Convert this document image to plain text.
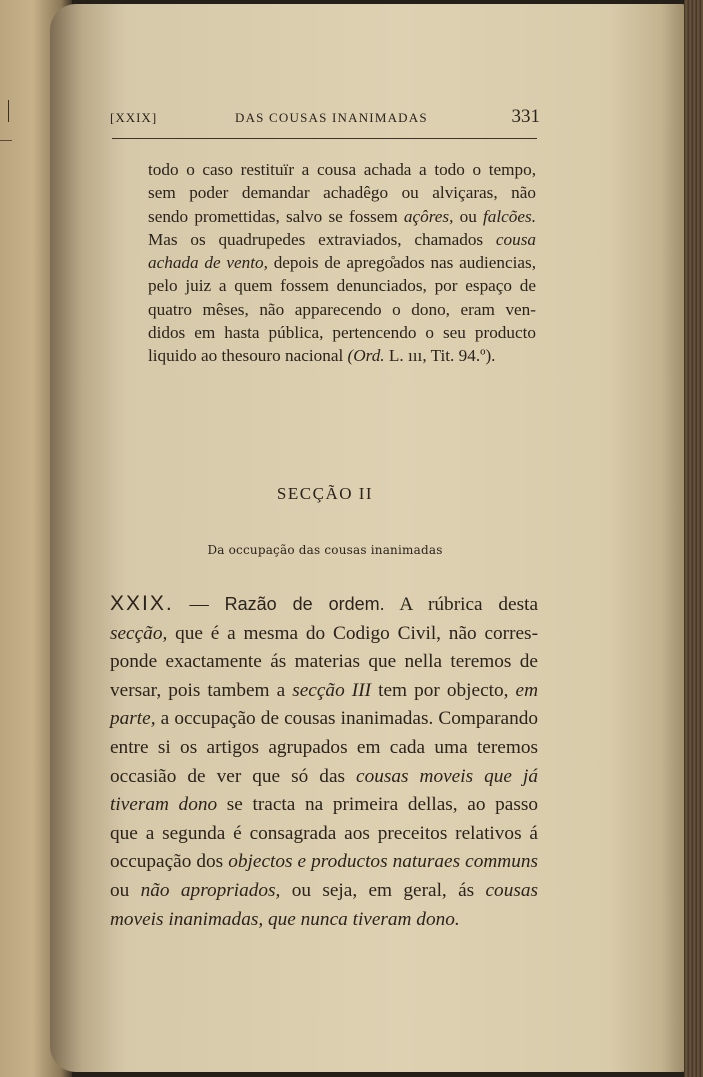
[XXIX]	DAS COUSAS INANIMADAS	331
todo o caso restituïr a cousa achada a todo o tempo,
sem poder demandar achadêgo ou alviçaras, não
sendo promettidas, salvo se fossem açôres, ou falcões.
Mas os quadrupedes extraviados, chamados cousa
achada de vento, depois de aprego̊ados nas audiencias,
pelo juiz a quem fossem denunciados, por espaço de
quatro mêses, não apparecendo o dono, eram ven-
didos em hasta pública, pertencendo o seu producto
liquido ao thesouro nacional (Ord. L. ııı, Tit. 94.º).
SECÇÃO II
Da occupação das cousas inanimadas
XXIX. — Razão de ordem. A rúbrica desta
secção, que é a mesma do Codigo Civil, não corres-
ponde exactamente ás materias que nella teremos de
versar, pois tambem a secção III tem por objecto, em
parte, a occupação de cousas inanimadas. Comparando
entre si os artigos agrupados em cada uma teremos
occasião de ver que só das cousas moveis que já
tiveram dono se tracta na primeira dellas, ao passo
que a segunda é consagrada aos preceitos relativos á
occupação dos objectos e productos naturaes communs
ou não apropriados, ou seja, em geral, ás cousas
moveis inanimadas, que nunca tiveram dono.
